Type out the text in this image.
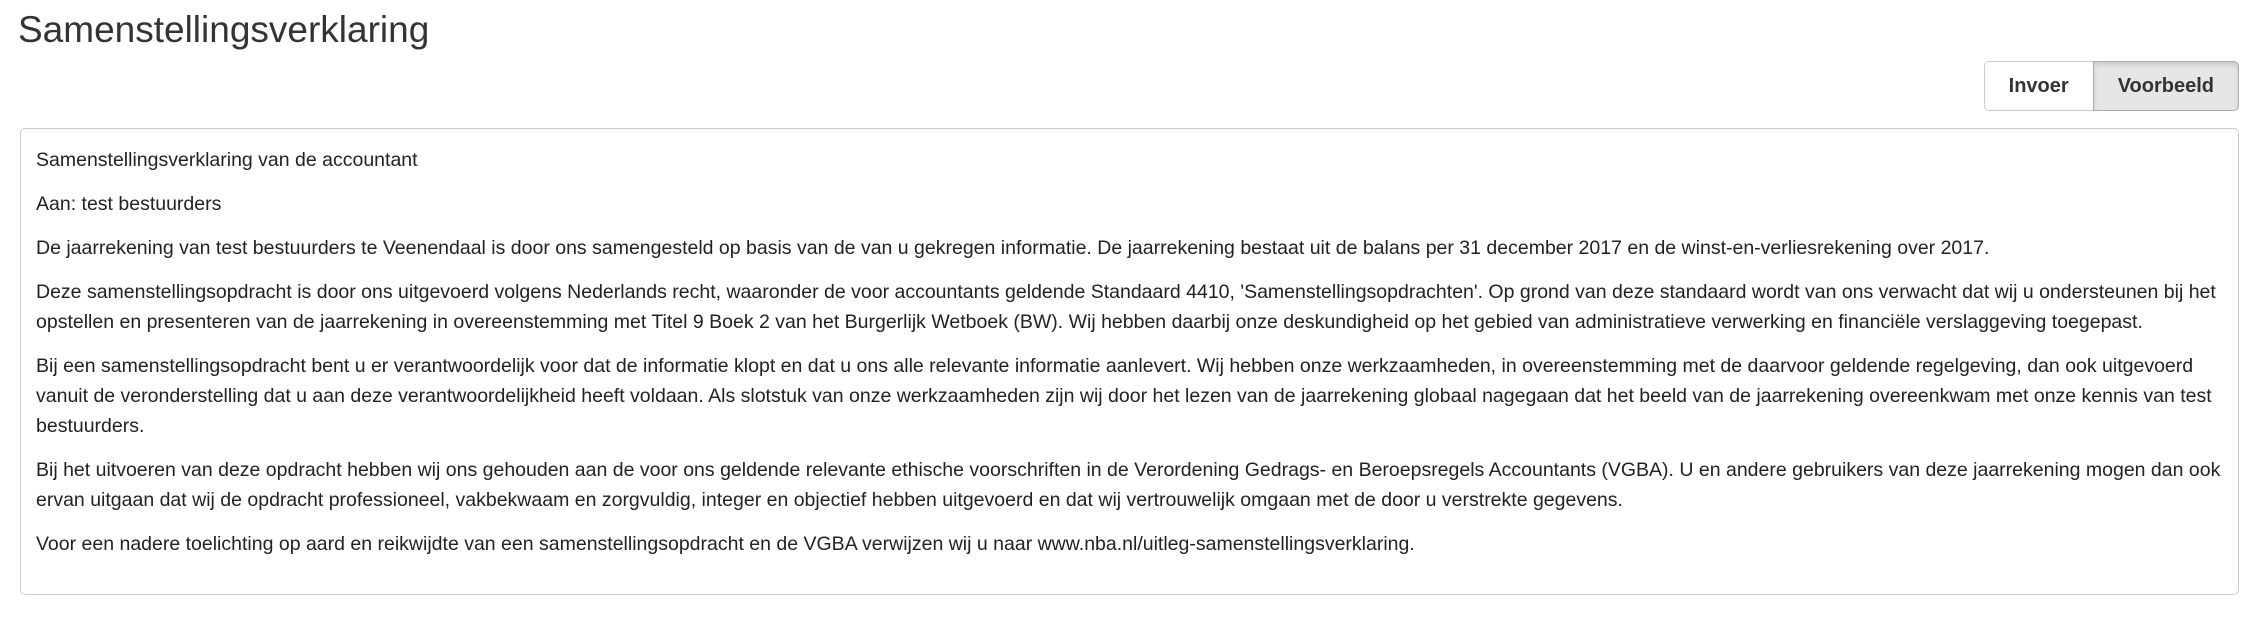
Samenstellingsverklaring
Invoer	Voorbeeld

Samenstellingsverklaring van de accountant

Aan: test bestuurders

De jaarrekening van test bestuurders te Veenendaal is door ons samengesteld op basis van de van u gekregen informatie. De jaarrekening bestaat uit de balans per 31 december 2017 en de winst-en-verliesrekening over 2017.

Deze samenstellingsopdracht is door ons uitgevoerd volgens Nederlands recht, waaronder de voor accountants geldende Standaard 4410, 'Samenstellingsopdrachten'. Op grond van deze standaard wordt van ons verwacht dat wij u ondersteunen bij het opstellen en presenteren van de jaarrekening in overeenstemming met Titel 9 Boek 2 van het Burgerlijk Wetboek (BW). Wij hebben daarbij onze deskundigheid op het gebied van administratieve verwerking en financiële verslaggeving toegepast.

Bij een samenstellingsopdracht bent u er verantwoordelijk voor dat de informatie klopt en dat u ons alle relevante informatie aanlevert. Wij hebben onze werkzaamheden, in overeenstemming met de daarvoor geldende regelgeving, dan ook uitgevoerd vanuit de veronderstelling dat u aan deze verantwoordelijkheid heeft voldaan. Als slotstuk van onze werkzaamheden zijn wij door het lezen van de jaarrekening globaal nagegaan dat het beeld van de jaarrekening overeenkwam met onze kennis van test bestuurders.

Bij het uitvoeren van deze opdracht hebben wij ons gehouden aan de voor ons geldende relevante ethische voorschriften in de Verordening Gedrags- en Beroepsregels Accountants (VGBA). U en andere gebruikers van deze jaarrekening mogen dan ook ervan uitgaan dat wij de opdracht professioneel, vakbekwaam en zorgvuldig, integer en objectief hebben uitgevoerd en dat wij vertrouwelijk omgaan met de door u verstrekte gegevens.

Voor een nadere toelichting op aard en reikwijdte van een samenstellingsopdracht en de VGBA verwijzen wij u naar www.nba.nl/uitleg-samenstellingsverklaring.
